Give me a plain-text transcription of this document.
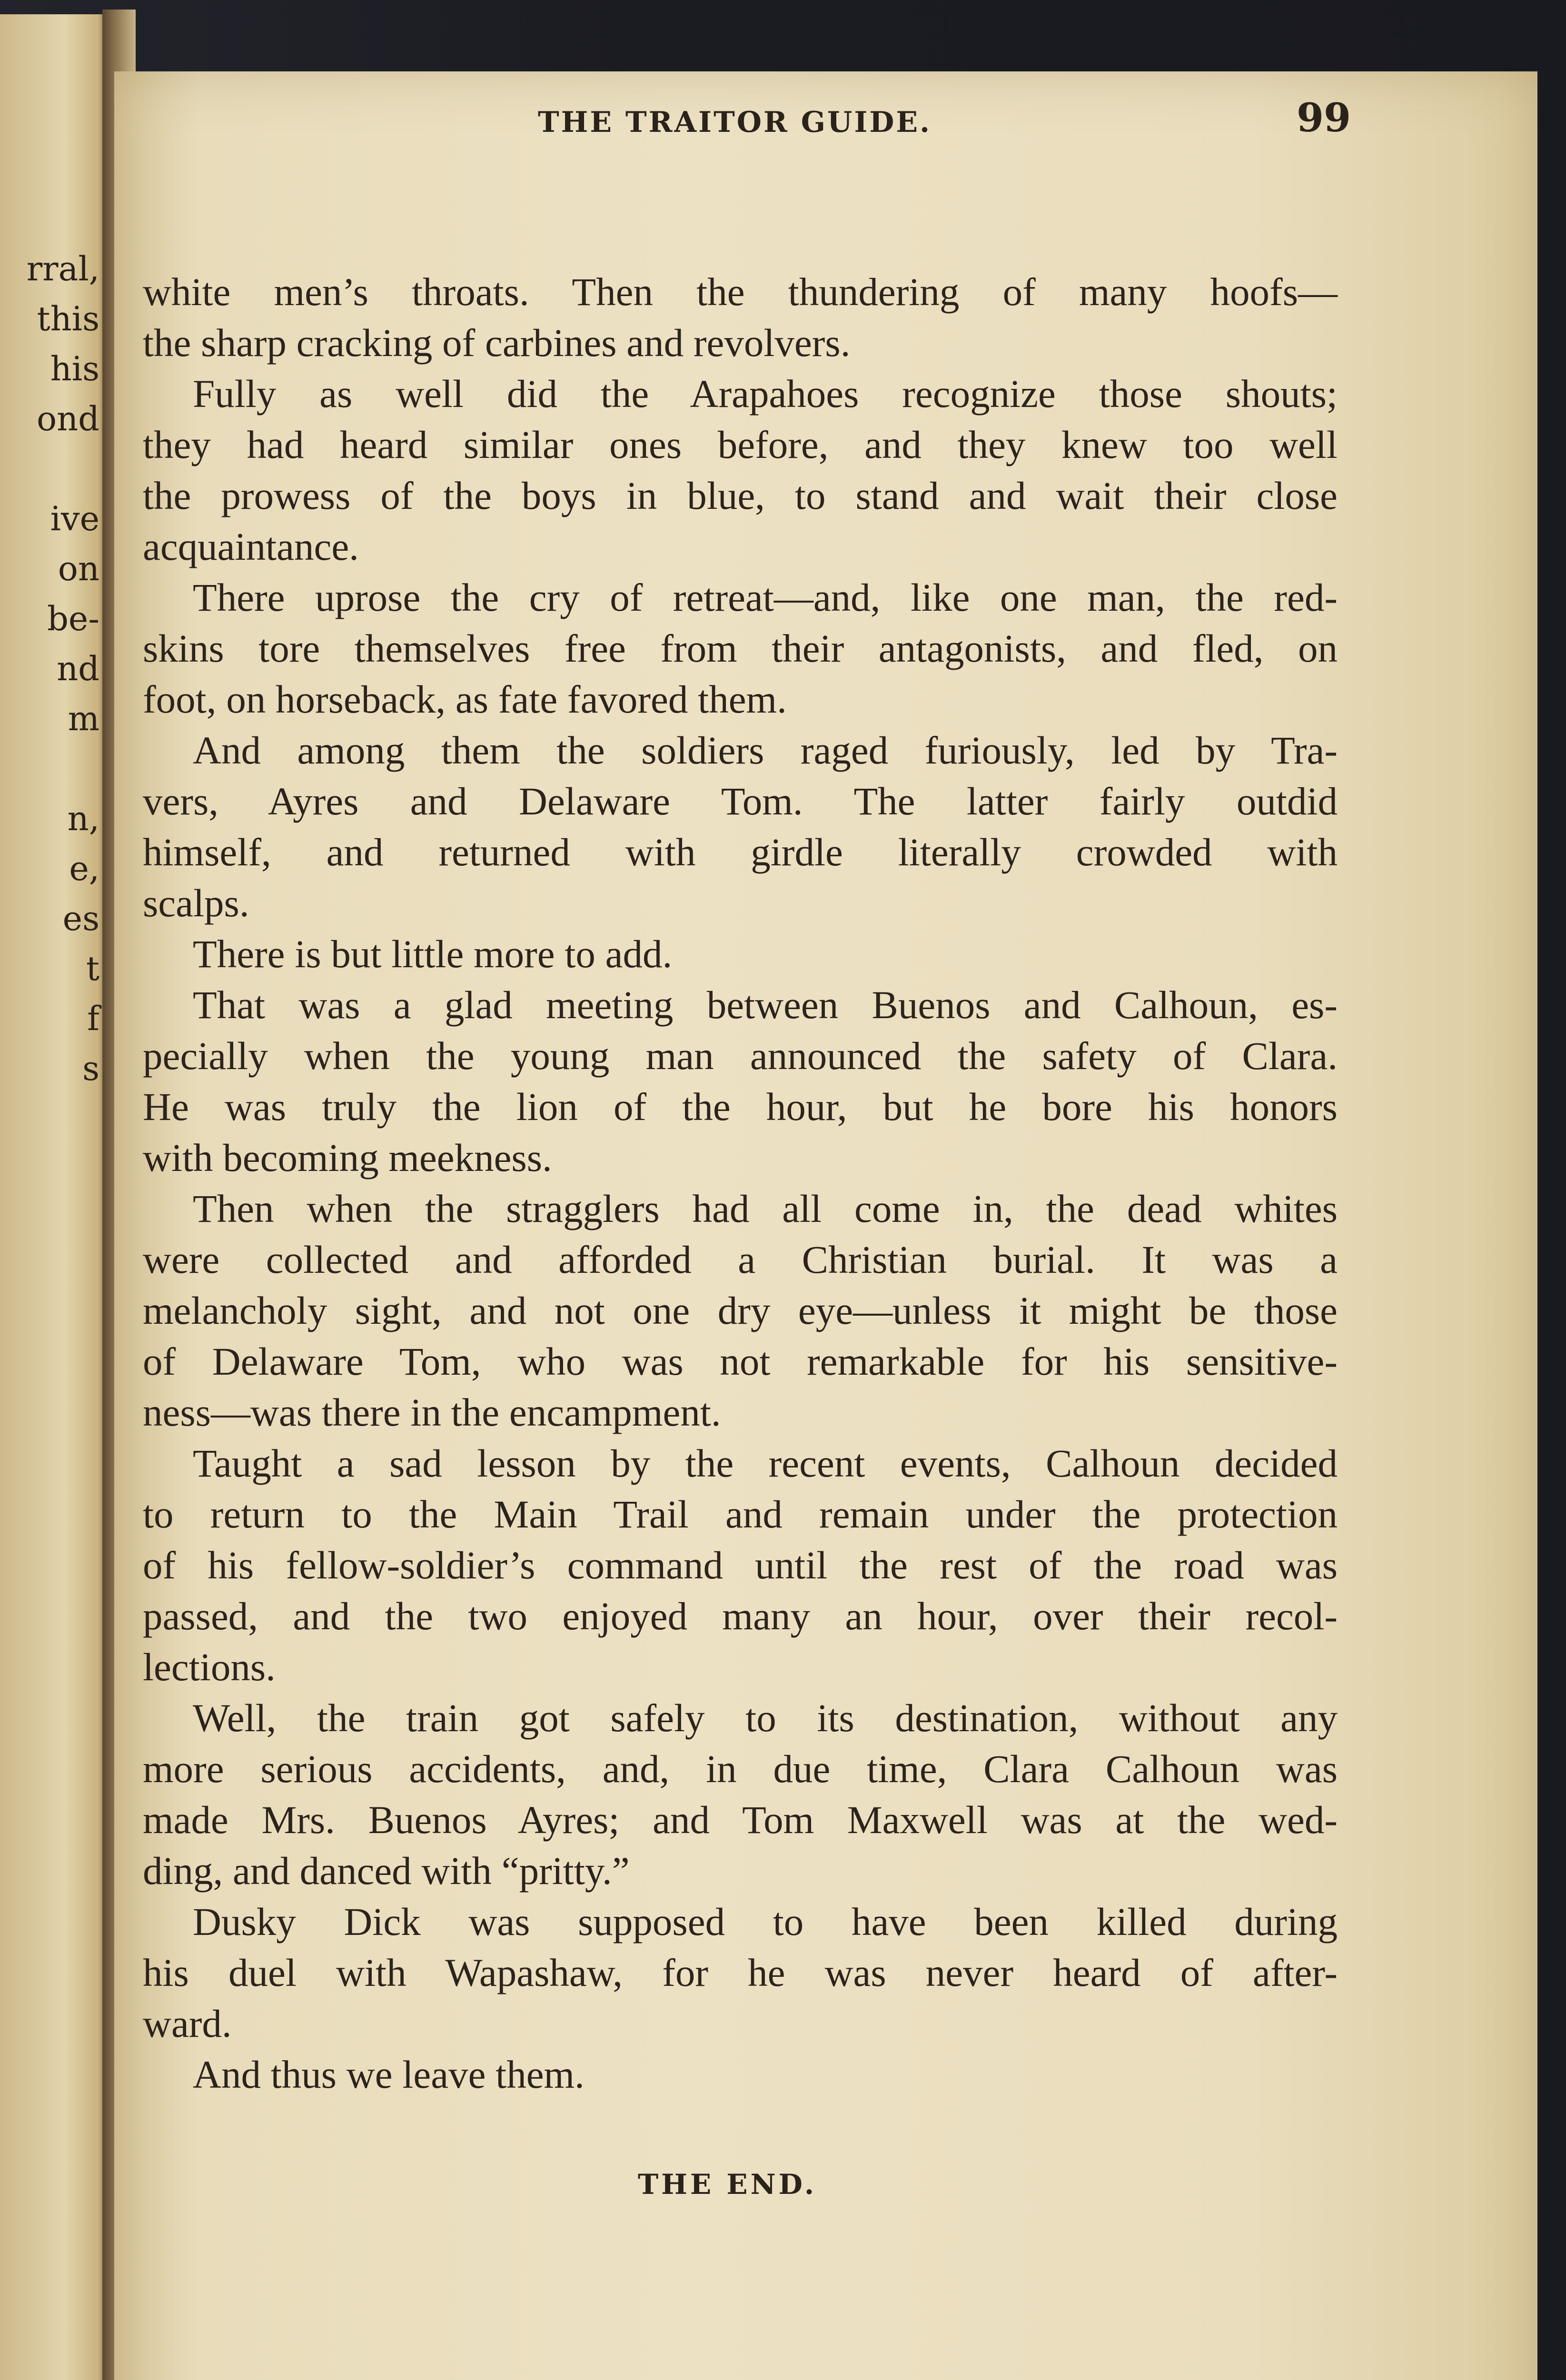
rral,
this
his
ond
ive
on
be-
nd
m
n,
e,
es
t
f
s
THE TRAITOR GUIDE.	99
white men’s throats. Then the thundering of many hoofs—
the sharp cracking of carbines and revolvers.
Fully as well did the Arapahoes recognize those shouts;
they had heard similar ones before, and they knew too well
the prowess of the boys in blue, to stand and wait their close
acquaintance.
There uprose the cry of retreat—and, like one man, the red-
skins tore themselves free from their antagonists, and fled, on
foot, on horseback, as fate favored them.
And among them the soldiers raged furiously, led by Tra-
vers, Ayres and Delaware Tom. The latter fairly outdid
himself, and returned with girdle literally crowded with
scalps.
There is but little more to add.
That was a glad meeting between Buenos and Calhoun, es-
pecially when the young man announced the safety of Clara.
He was truly the lion of the hour, but he bore his honors
with becoming meekness.
Then when the stragglers had all come in, the dead whites
were collected and afforded a Christian burial. It was a
melancholy sight, and not one dry eye—unless it might be those
of Delaware Tom, who was not remarkable for his sensitive-
ness—was there in the encampment.
Taught a sad lesson by the recent events, Calhoun decided
to return to the Main Trail and remain under the protection
of his fellow-soldier’s command until the rest of the road was
passed, and the two enjoyed many an hour, over their recol-
lections.
Well, the train got safely to its destination, without any
more serious accidents, and, in due time, Clara Calhoun was
made Mrs. Buenos Ayres; and Tom Maxwell was at the wed-
ding, and danced with “pritty.”
Dusky Dick was supposed to have been killed during
his duel with Wapashaw, for he was never heard of after-
ward.
And thus we leave them.
THE END.
